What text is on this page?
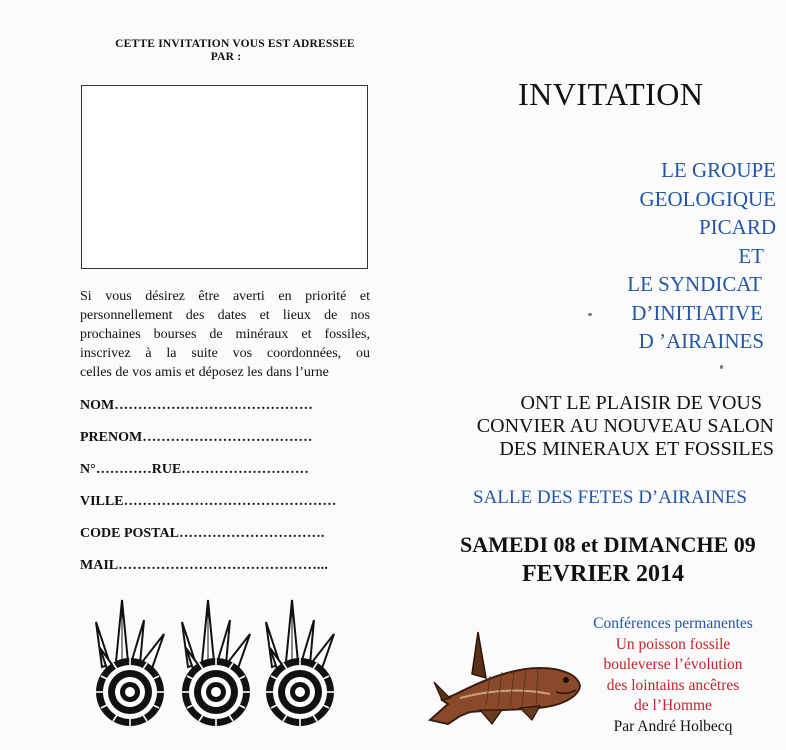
CETTE INVITATION VOUS EST ADRESSEE
PAR :
Si vous désirez être averti en priorité et
personnellement des dates et lieux de nos
prochaines bourses de minéraux et fossiles,
inscrivez à la suite vos coordonnées, ou
celles de vos amis et déposez les dans l’urne
NOM……………………………………
PRENOM………………………………
N°…………RUE………………………
VILLE………………………………………
CODE POSTAL………………………….
MAIL……………………………………...
INVITATION
LE GROUPE
GEOLOGIQUE
PICARD
ET
LE SYNDICAT
D’INITIATIVE
D ’AIRAINES
ONT LE PLAISIR DE VOUS
CONVIER AU NOUVEAU SALON
DES MINERAUX ET FOSSILES
SALLE DES FETES D’AIRAINES
SAMEDI 08 et DIMANCHE 09
FEVRIER 2014
Conférences permanentes
Un poisson fossile
bouleverse l’évolution
des lointains ancêtres
de l’Homme
Par André Holbecq
